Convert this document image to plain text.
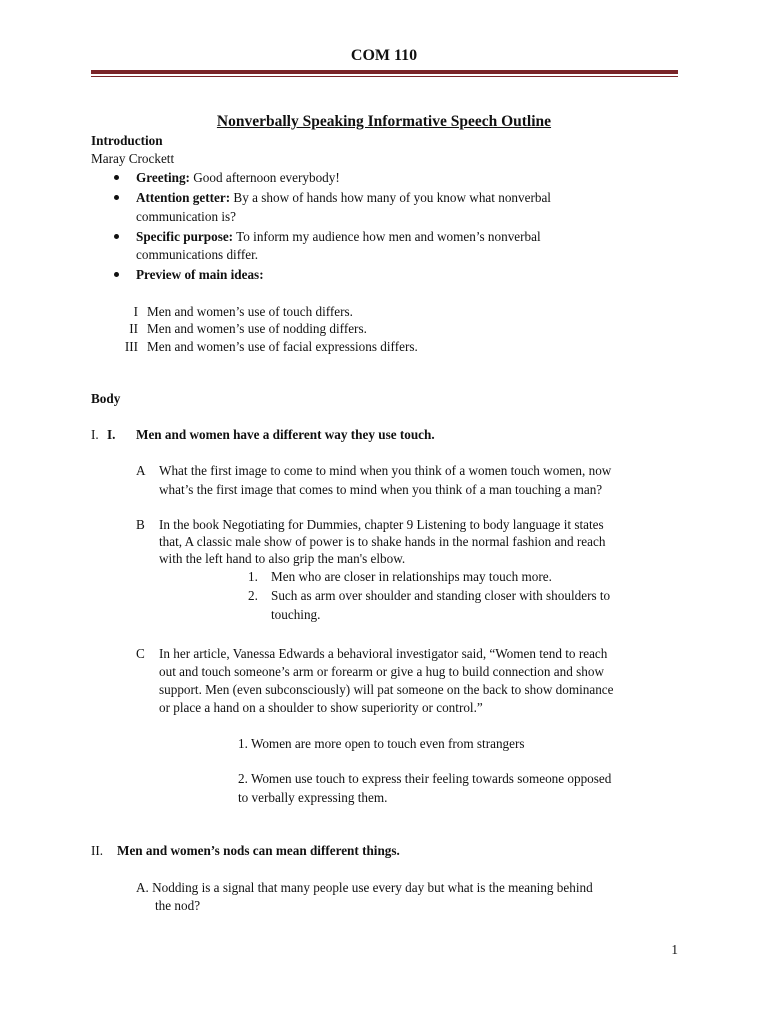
COM 110
Nonverbally Speaking Informative Speech Outline
Introduction
Maray Crockett
Greeting: Good afternoon everybody!
Attention getter: By a show of hands how many of you know what nonverbal
communication is?
Specific purpose: To inform my audience how men and women’s nonverbal
communications differ.
Preview of main ideas:
I Men and women’s use of touch differs.
II Men and women’s use of nodding differs.
III Men and women’s use of facial expressions differs.
Body
I. I. Men and women have a different way they use touch.
A What the first image to come to mind when you think of a women touch women, now
what’s the first image that comes to mind when you think of a man touching a man?
B In the book Negotiating for Dummies, chapter 9 Listening to body language it states
that, A classic male show of power is to shake hands in the normal fashion and reach
with the left hand to also grip the man's elbow.
1. Men who are closer in relationships may touch more.
2. Such as arm over shoulder and standing closer with shoulders to
touching.
C In her article, Vanessa Edwards a behavioral investigator said, “Women tend to reach
out and touch someone’s arm or forearm or give a hug to build connection and show
support. Men (even subconsciously) will pat someone on the back to show dominance
or place a hand on a shoulder to show superiority or control.”
1. Women are more open to touch even from strangers
2. Women use touch to express their feeling towards someone opposed
to verbally expressing them.
II. Men and women’s nods can mean different things.
A. Nodding is a signal that many people use every day but what is the meaning behind
the nod?
1
